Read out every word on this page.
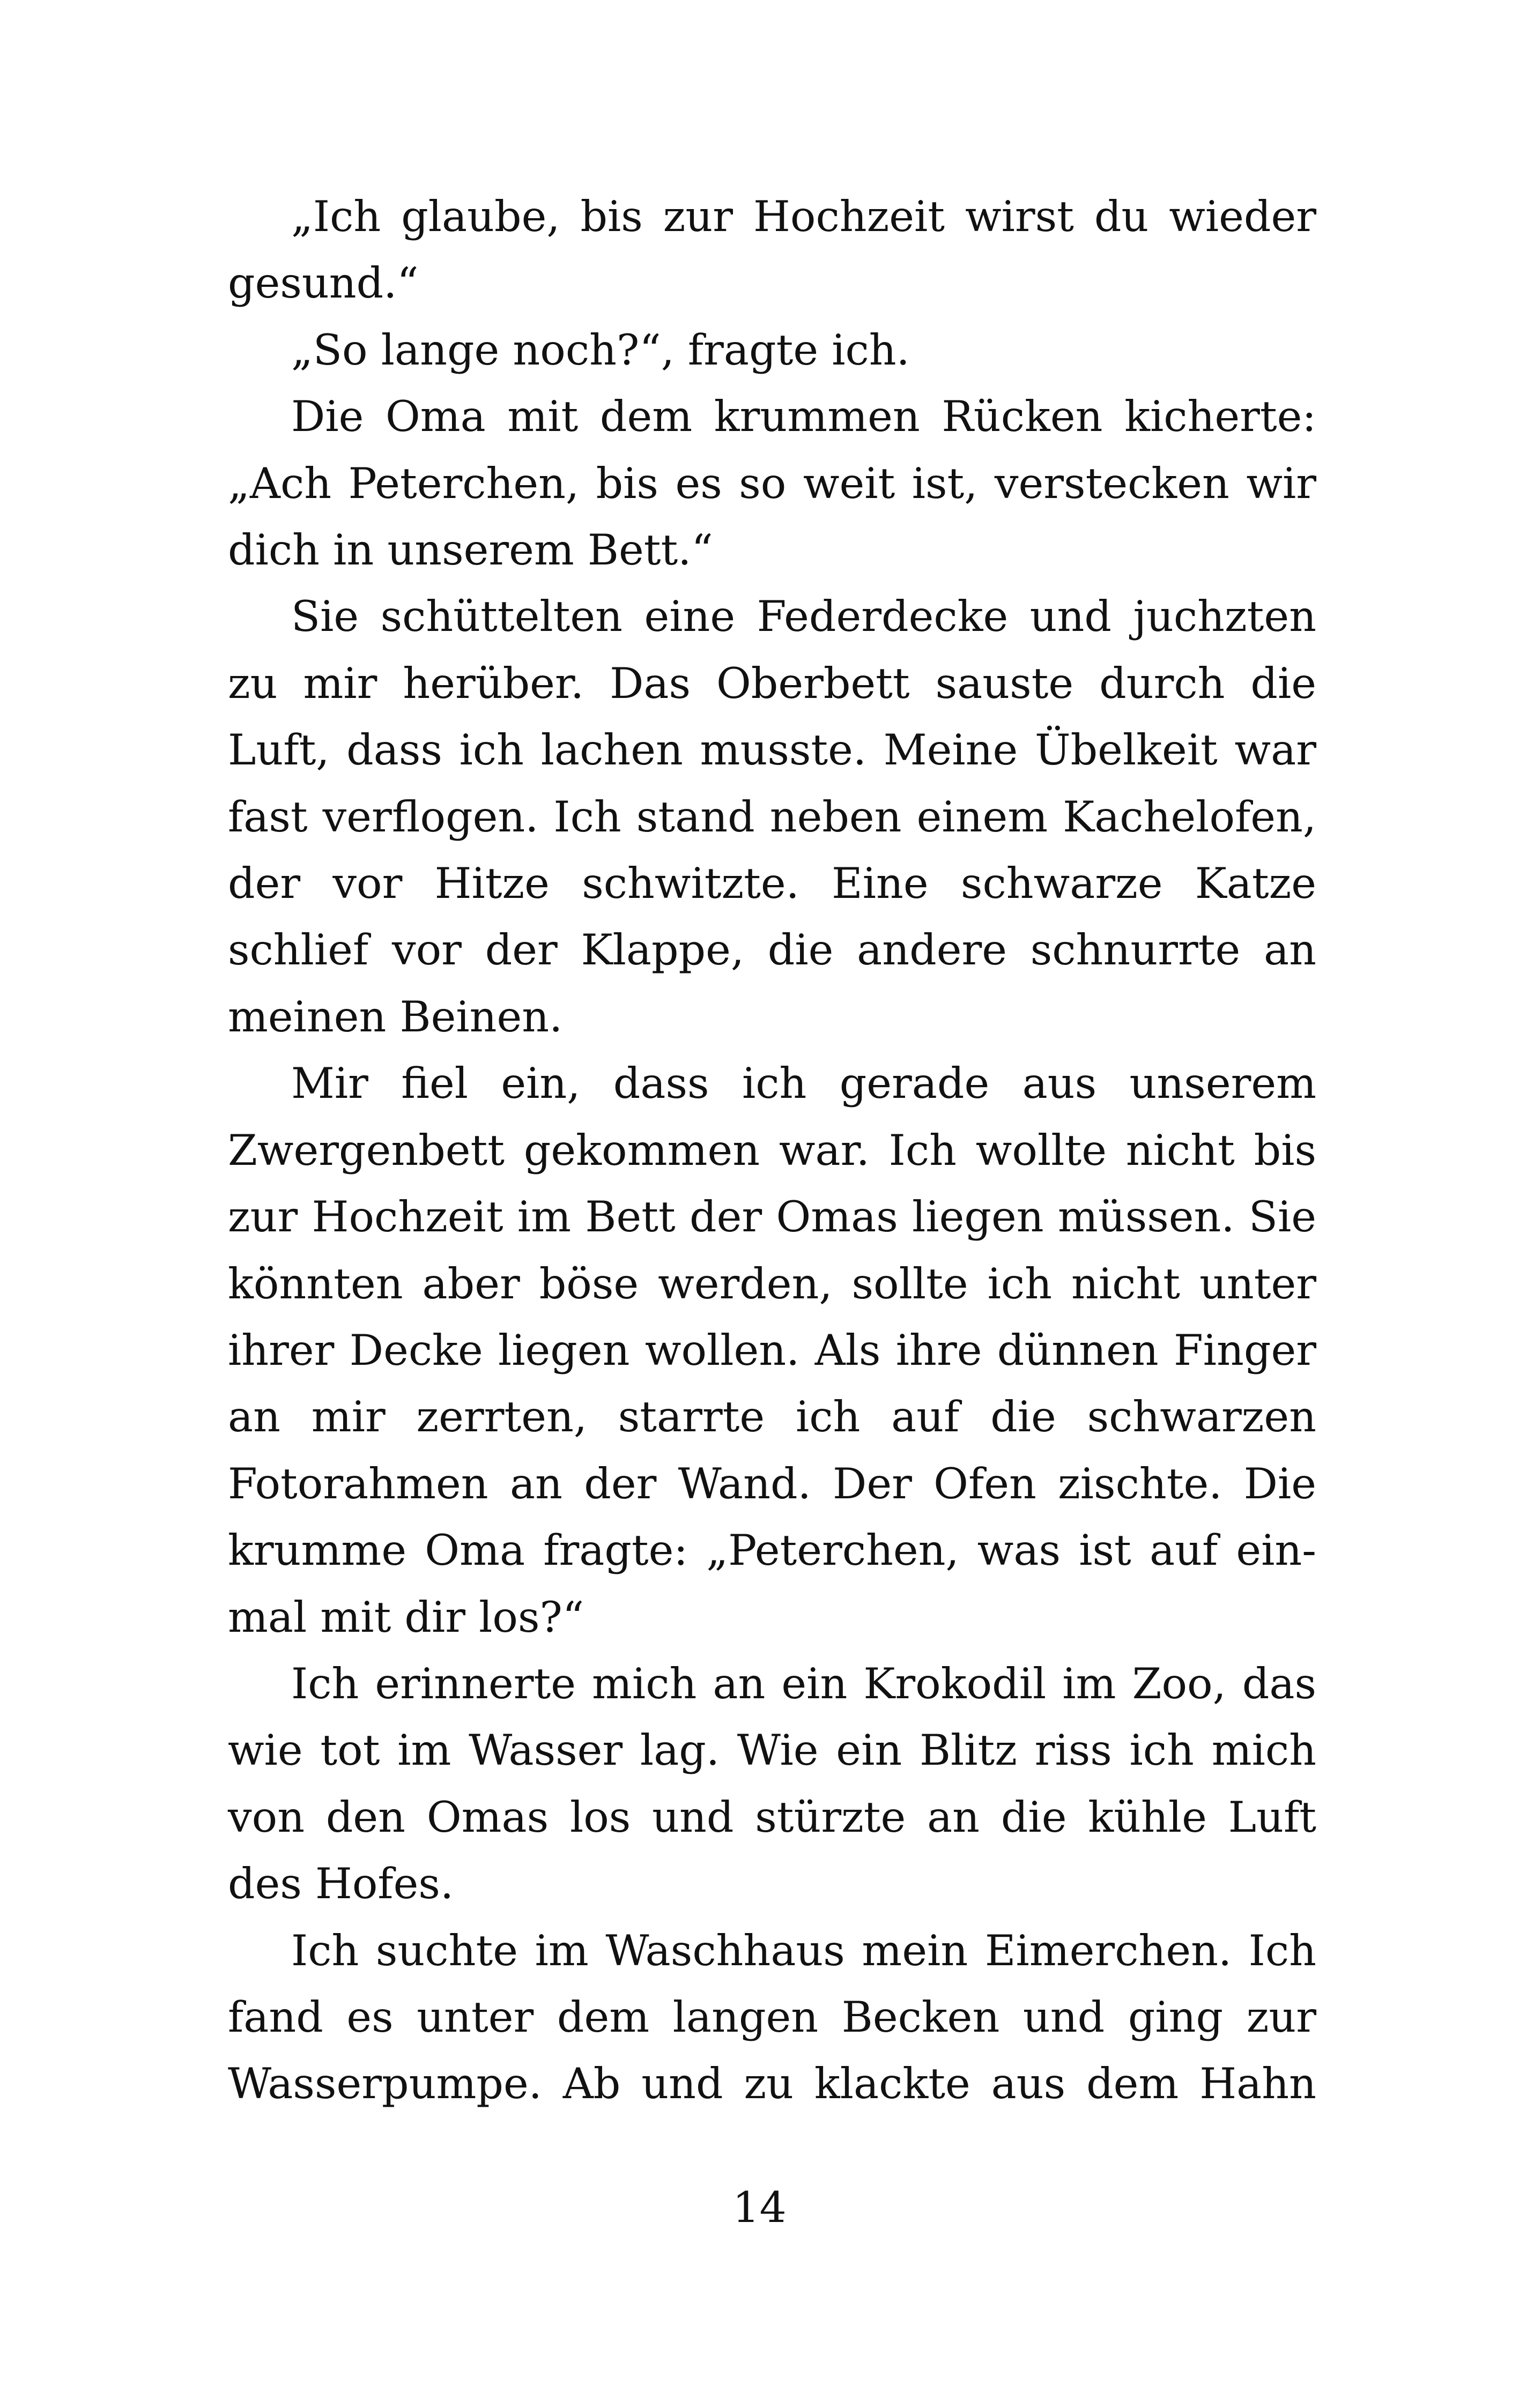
„Ich glaube, bis zur Hochzeit wirst du wieder gesund.“

„So lange noch?“, fragte ich.

Die Oma mit dem krummen Rücken kicherte: „Ach Peterchen, bis es so weit ist, verstecken wir dich in unserem Bett.“

Sie schüttelten eine Federdecke und juchzten zu mir herüber. Das Oberbett sauste durch die Luft, dass ich lachen musste. Meine Übelkeit war fast verflogen. Ich stand neben einem Kachelofen, der vor Hitze schwitzte. Eine schwarze Katze schlief vor der Klappe, die andere schnurrte an meinen Beinen.

Mir fiel ein, dass ich gerade aus unserem Zwergenbett gekommen war. Ich wollte nicht bis zur Hochzeit im Bett der Omas liegen müssen. Sie könnten aber böse werden, sollte ich nicht unter ihrer Decke liegen wollen. Als ihre dünnen Finger an mir zerrten, starrte ich auf die schwarzen Fotorahmen an der Wand. Der Ofen zischte. Die krumme Oma fragte: „Peterchen, was ist auf einmal mit dir los?“

Ich erinnerte mich an ein Krokodil im Zoo, das wie tot im Wasser lag. Wie ein Blitz riss ich mich von den Omas los und stürzte an die kühle Luft des Hofes.

Ich suchte im Waschhaus mein Eimerchen. Ich fand es unter dem langen Becken und ging zur Wasserpumpe. Ab und zu klackte aus dem Hahn

14
